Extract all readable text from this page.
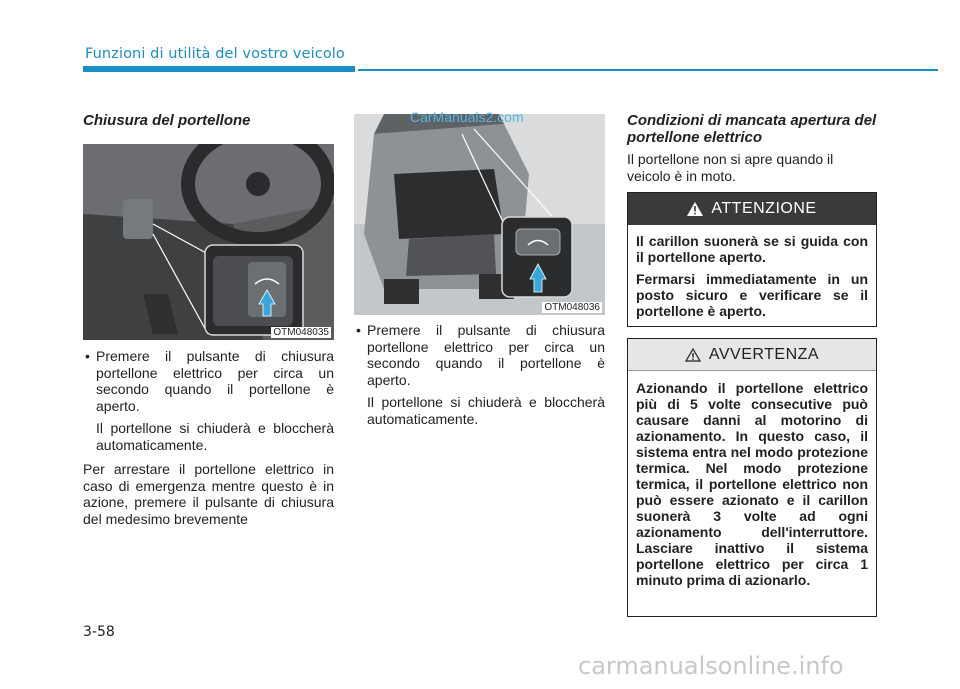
Funzioni di utilità del vostro veicolo
Chiusura del portellone
OTM048035
• Premere il pulsante di chiusura portellone elettrico per circa un secondo quando il portellone è aperto.
Il portellone si chiuderà e bloccherà automaticamente.
Per arrestare il portellone elettrico in caso di emergenza mentre questo è in azione, premere il pulsante di chiusura del medesimo brevemente
OTM048036
• Premere il pulsante di chiusura portellone elettrico per circa un secondo quando il portellone è aperto.
Il portellone si chiuderà e bloccherà automaticamente.
CarManuals2.com	Condizioni di mancata apertura del portellone elettrico
Il portellone non si apre quando il veicolo è in moto.
ATTENZIONE

Il carillon suonerà se si guida con il portellone aperto.

Fermarsi immediatamente in un posto sicuro e verificare se il portellone è aperto.

AVVERTENZA

Azionando il portellone elettrico più di 5 volte consecutive può causare danni al motorino di azionamento. In questo caso, il sistema entra nel modo protezione termica. Nel modo protezione termica, il portellone elettrico non può essere azionato e il carillon suonerà 3 volte ad ogni azionamento dell'interruttore. Lasciare inattivo il sistema portellone elettrico per circa 1 minuto prima di azionarlo.

3-58
carmanualsonline.info
